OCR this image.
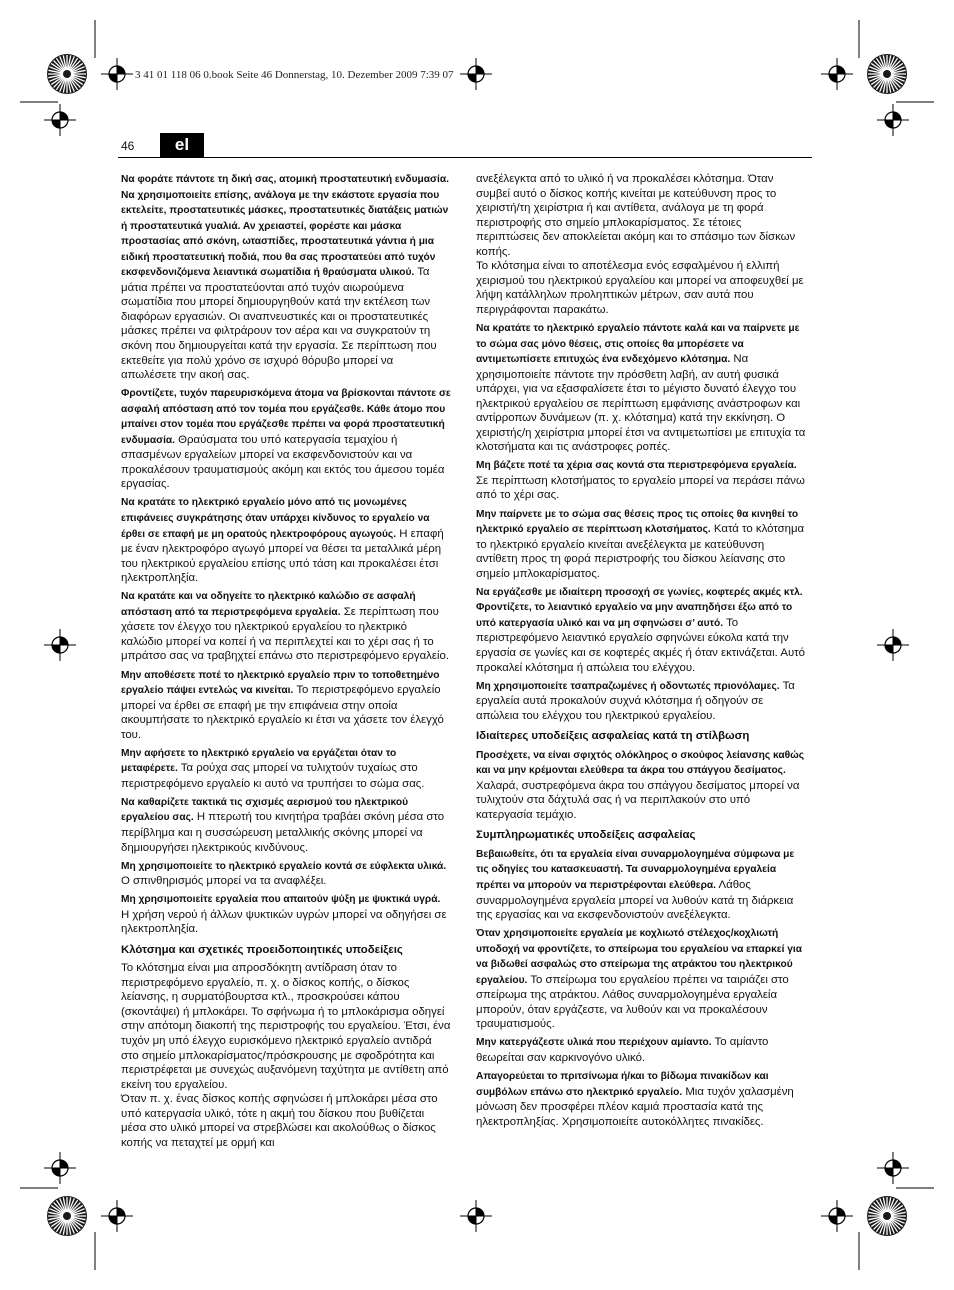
3 41 01 118 06 0.book Seite 46 Donnerstag, 10. Dezember 2009 7:39 07
46	el

Να φοράτε πάντοτε τη δική σας, ατομική προστατευτική ενδυμασία. Να χρησιμοποιείτε επίσης, ανάλογα με την εκάστοτε εργασία που εκτελείτε, προστατευτικές μάσκες, προστατευτικές διατάξεις ματιών ή προστατευτικά γυαλιά. Αν χρειαστεί, φορέστε και μάσκα προστασίας από σκόνη, ωτασπίδες, προστατευτικά γάντια ή μια ειδική προστατευτική ποδιά, που θα σας προστατεύει από τυχόν εκσφενδονιζόμενα λειαντικά σωματίδια ή θραύσματα υλικού. Τα μάτια πρέπει να προστατεύονται από τυχόν αιωρούμενα σωματίδια που μπορεί δημιουργηθούν κατά την εκτέλεση των διαφόρων εργασιών. Οι αναπνευστικές και οι προστατευτικές μάσκες πρέπει να φιλτράρουν τον αέρα και να συγκρατούν τη σκόνη που δημιουργείται κατά την εργασία. Σε περίπτωση που εκτεθείτε για πολύ χρόνο σε ισχυρό θόρυβο μπορεί να απωλέσετε την ακοή σας.

Φροντίζετε, τυχόν παρευρισκόμενα άτομα να βρίσκονται πάντοτε σε ασφαλή απόσταση από τον τομέα που εργάζεσθε. Κάθε άτομο που μπαίνει στον τομέα που εργάζεσθε πρέπει να φορά προστατευτική ενδυμασία. Θραύσματα του υπό κατεργασία τεμαχίου ή σπασμένων εργαλείων μπορεί να εκσφενδονιστούν και να προκαλέσουν τραυματισμούς ακόμη και εκτός του άμεσου τομέα εργασίας.

Να κρατάτε το ηλεκτρικό εργαλείο μόνο από τις μονωμένες επιφάνειες συγκράτησης όταν υπάρχει κίνδυνος το εργαλείο να έρθει σε επαφή με μη ορατούς ηλεκτροφόρους αγωγούς. Η επαφή με έναν ηλεκτροφόρο αγωγό μπορεί να θέσει τα μεταλλικά μέρη του ηλεκτρικού εργαλείου επίσης υπό τάση και προκαλέσει έτσι ηλεκτροπληξία.

Να κρατάτε και να οδηγείτε το ηλεκτρικό καλώδιο σε ασφαλή απόσταση από τα περιστρεφόμενα εργαλεία. Σε περίπτωση που χάσετε τον έλεγχο του ηλεκτρικού εργαλείου το ηλεκτρικό καλώδιο μπορεί να κοπεί ή να περιπλεχτεί και το χέρι σας ή το μπράτσο σας να τραβηχτεί επάνω στο περιστρεφόμενο εργαλείο.

Μην αποθέσετε ποτέ το ηλεκτρικό εργαλείο πριν το τοποθετημένο εργαλείο πάψει εντελώς να κινείται. Το περιστρεφόμενο εργαλείο μπορεί να έρθει σε επαφή με την επιφάνεια στην οποία ακουμπήσατε το ηλεκτρικό εργαλείο κι έτσι να χάσετε τον έλεγχό του.

Μην αφήσετε το ηλεκτρικό εργαλείο να εργάζεται όταν το μεταφέρετε. Τα ρούχα σας μπορεί να τυλιχτούν τυχαίως στο περιστρεφόμενο εργαλείο κι αυτό να τρυπήσει το σώμα σας.

Να καθαρίζετε τακτικά τις σχισμές αερισμού του ηλεκτρικού εργαλείου σας. Η πτερωτή του κινητήρα τραβάει σκόνη μέσα στο περίβλημα και η συσσώρευση μεταλλικής σκόνης μπορεί να δημιουργήσει ηλεκτρικούς κινδύνους.

Μη χρησιμοποιείτε το ηλεκτρικό εργαλείο κοντά σε εύφλεκτα υλικά. Ο σπινθηρισμός μπορεί να τα αναφλέξει.

Μη χρησιμοποιείτε εργαλεία που απαιτούν ψύξη με ψυκτικά υγρά. Η χρήση νερού ή άλλων ψυκτικών υγρών μπορεί να οδηγήσει σε ηλεκτροπληξία.

Κλότσημα και σχετικές προειδοποιητικές υποδείξεις

Το κλότσημα είναι μια απροσδόκητη αντίδραση όταν το περιστρεφόμενο εργαλείο, π. χ. ο δίσκος κοπής, ο δίσκος λείανσης, η συρματόβουρτσα κτλ., προσκρούσει κάπου (σκοντάψει) ή μπλοκάρει. Το σφήνωμα ή το μπλοκάρισμα οδηγεί στην απότομη διακοπή της περιστροφής του εργαλείου. Έτσι, ένα τυχόν μη υπό έλεγχο ευρισκόμενο ηλεκτρικό εργαλείο αντιδρά στο σημείο μπλοκαρίσματος/πρόσκρουσης με σφοδρότητα και περιστρέφεται με συνεχώς αυξανόμενη ταχύτητα με αντίθετη από εκείνη του εργαλείου.

Όταν π. χ. ένας δίσκος κοπής σφηνώσει ή μπλοκάρει μέσα στο υπό κατεργασία υλικό, τότε η ακμή του δίσκου που βυθίζεται μέσα στο υλικό μπορεί να στρεβλώσει και ακολούθως ο δίσκος κοπής να πεταχτεί με ορμή και

ανεξέλεγκτα από το υλικό ή να προκαλέσει κλότσημα. Όταν συμβεί αυτό ο δίσκος κοπής κινείται με κατεύθυνση προς το χειριστή/τη χειρίστρια ή και αντίθετα, ανάλογα με τη φορά περιστροφής στο σημείο μπλοκαρίσματος. Σε τέτοιες περιπτώσεις δεν αποκλείεται ακόμη και το σπάσιμο των δίσκων κοπής.

Το κλότσημα είναι το αποτέλεσμα ενός εσφαλμένου ή ελλιπή χειρισμού του ηλεκτρικού εργαλείου και μπορεί να αποφευχθεί με λήψη κατάλληλων προληπτικών μέτρων, σαν αυτά που περιγράφονται παρακάτω.

Να κρατάτε το ηλεκτρικό εργαλείο πάντοτε καλά και να παίρνετε με το σώμα σας μόνο θέσεις, στις οποίες θα μπορέσετε να αντιμετωπίσετε επιτυχώς ένα ενδεχόμενο κλότσημα. Να χρησιμοποιείτε πάντοτε την πρόσθετη λαβή, αν αυτή φυσικά υπάρχει, για να εξασφαλίσετε έτσι το μέγιστο δυνατό έλεγχο του ηλεκτρικού εργαλείου σε περίπτωση εμφάνισης ανάστροφων και αντίρροπων δυνάμεων (π. χ. κλότσημα) κατά την εκκίνηση. Ο χειριστής/η χειρίστρια μπορεί έτσι να αντιμετωπίσει με επιτυχία τα κλοτσήματα και τις ανάστροφες ροπές.

Μη βάζετε ποτέ τα χέρια σας κοντά στα περιστρεφόμενα εργαλεία. Σε περίπτωση κλοτσήματος το εργαλείο μπορεί να περάσει πάνω από το χέρι σας.

Μην παίρνετε με το σώμα σας θέσεις προς τις οποίες θα κινηθεί το ηλεκτρικό εργαλείο σε περίπτωση κλοτσήματος. Κατά το κλότσημα το ηλεκτρικό εργαλείο κινείται ανεξέλεγκτα με κατεύθυνση αντίθετη προς τη φορά περιστροφής του δίσκου λείανσης στο σημείο μπλοκαρίσματος.

Να εργάζεσθε με ιδιαίτερη προσοχή σε γωνίες, κοφτερές ακμές κτλ. Φροντίζετε, το λειαντικό εργαλείο να μην αναπηδήσει έξω από το υπό κατεργασία υλικό και να μη σφηνώσει σ’ αυτό. Το περιστρεφόμενο λειαντικό εργαλείο σφηνώνει εύκολα κατά την εργασία σε γωνίες και σε κοφτερές ακμές ή όταν εκτινάζεται. Αυτό προκαλεί κλότσημα ή απώλεια του ελέγχου.

Μη χρησιμοποιείτε τσαπραζωμένες ή οδοντωτές πριονόλαμες. Τα εργαλεία αυτά προκαλούν συχνά κλότσημα ή οδηγούν σε απώλεια του ελέγχου του ηλεκτρικού εργαλείου.

Ιδιαίτερες υποδείξεις ασφαλείας κατά τη στίλβωση

Προσέχετε, να είναι σφιχτός ολόκληρος ο σκούφος λείανσης καθώς και να μην κρέμονται ελεύθερα τα άκρα του σπάγγου δεσίματος. Χαλαρά, συστρεφόμενα άκρα του σπάγγου δεσίματος μπορεί να τυλιχτούν στα δάχτυλά σας ή να περιπλακούν στο υπό κατεργασία τεμάχιο.

Συμπληρωματικές υποδείξεις ασφαλείας

Βεβαιωθείτε, ότι τα εργαλεία είναι συναρμολογημένα σύμφωνα με τις οδηγίες του κατασκευαστή. Τα συναρμολογημένα εργαλεία πρέπει να μπορούν να περιστρέφονται ελεύθερα. Λάθος συναρμολογημένα εργαλεία μπορεί να λυθούν κατά τη διάρκεια της εργασίας και να εκσφενδονιστούν ανεξέλεγκτα.

Όταν χρησιμοποιείτε εργαλεία με κοχλιωτό στέλεχος/κοχλιωτή υποδοχή να φροντίζετε, το σπείρωμα του εργαλείου να επαρκεί για να βιδωθεί ασφαλώς στο σπείρωμα της ατράκτου του ηλεκτρικού εργαλείου. Το σπείρωμα του εργαλείου πρέπει να ταιριάζει στο σπείρωμα της ατράκτου. Λάθος συναρμολογημένα εργαλεία μπορούν, όταν εργάζεστε, να λυθούν και να προκαλέσουν τραυματισμούς.

Μην κατεργάζεστε υλικά που περιέχουν αμίαντο. Το αμίαντο θεωρείται σαν καρκινογόνο υλικό.

Απαγορεύεται το πριτσίνωμα ή/και το βίδωμα πινακίδων και συμβόλων επάνω στο ηλεκτρικό εργαλείο. Μια τυχόν χαλασμένη μόνωση δεν προσφέρει πλέον καμιά προστασία κατά της ηλεκτροπληξίας. Χρησιμοποιείτε αυτοκόλλητες πινακίδες.
